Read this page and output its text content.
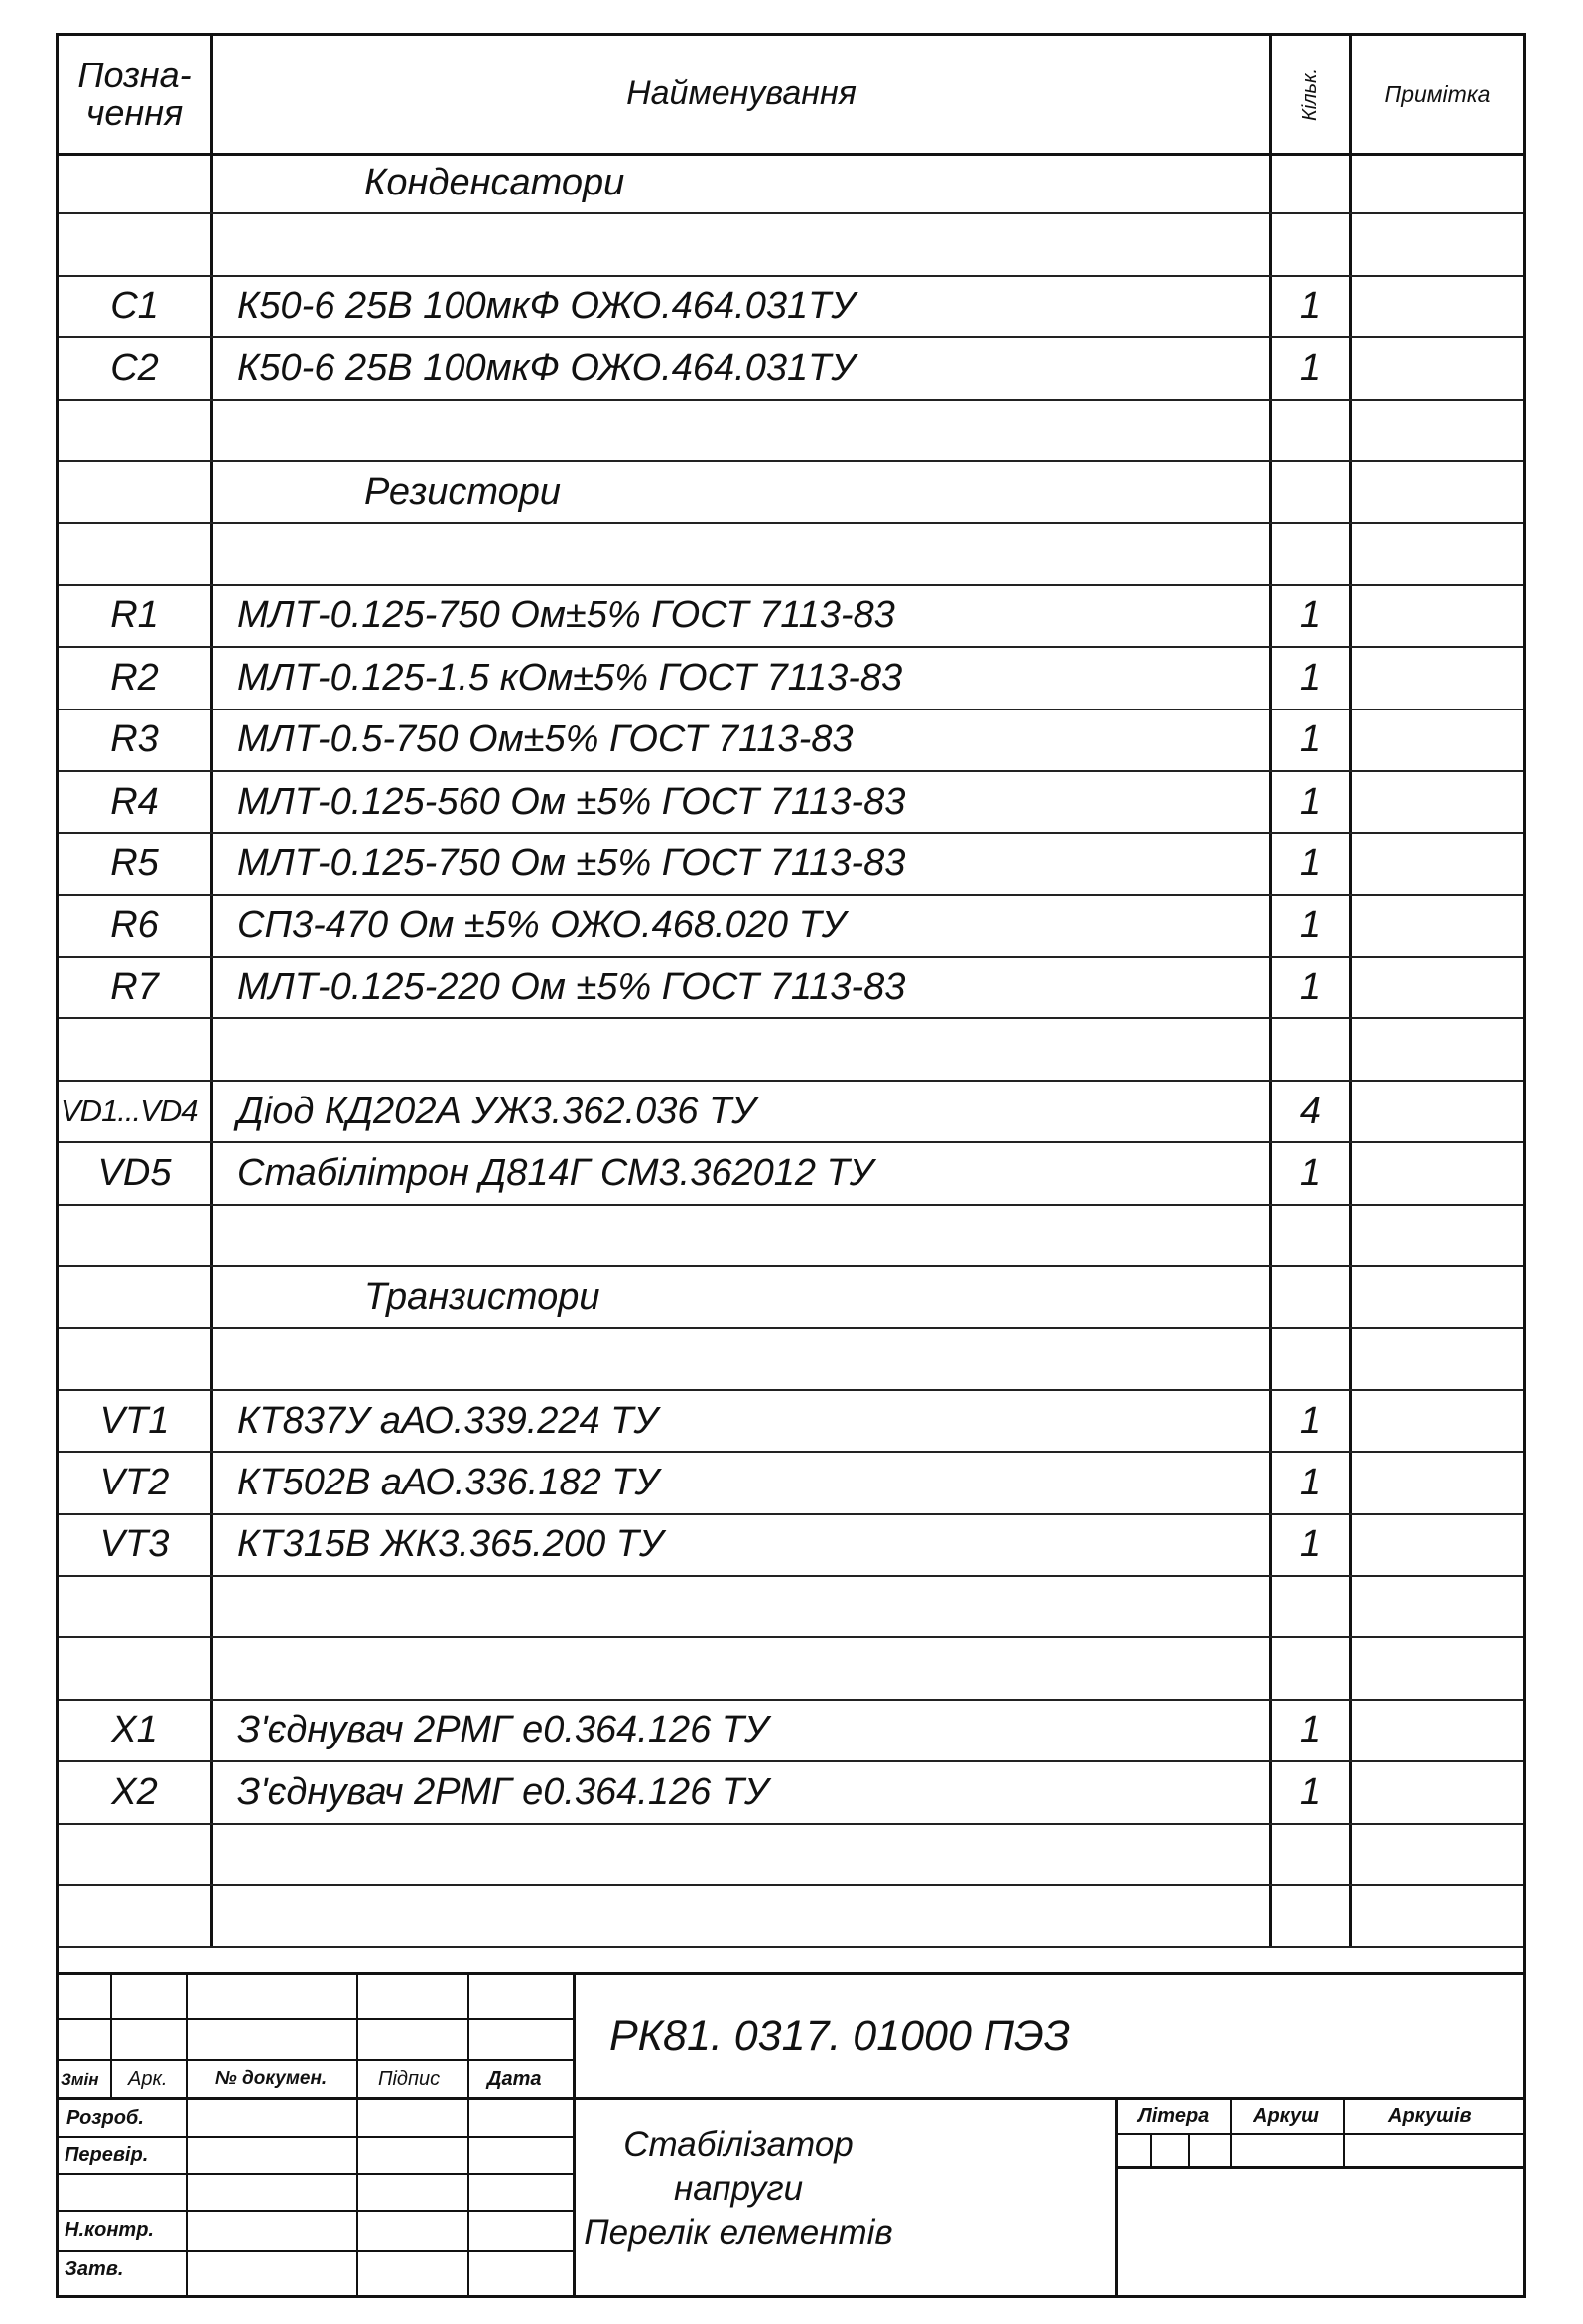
Позна-
чення	Найменування	Кільк.	Примітка
Конденсатори
C1	К50-6 25В 100мкФ ОЖО.464.031ТУ	1
C2	К50-6 25В 100мкФ ОЖО.464.031ТУ	1
Резистори
R1	МЛТ-0.125-750 Ом±5% ГОСТ 7113-83	1
R2	МЛТ-0.125-1.5 кОм±5% ГОСТ 7113-83	1
R3	МЛТ-0.5-750 Ом±5% ГОСТ 7113-83	1
R4	МЛТ-0.125-560 Ом ±5% ГОСТ 7113-83	1
R5	МЛТ-0.125-750 Ом ±5% ГОСТ 7113-83	1
R6	СП3-470 Ом ±5% ОЖО.468.020 ТУ	1
R7	МЛТ-0.125-220 Ом ±5% ГОСТ 7113-83	1
VD1...VD4	Діод КД202А УЖ3.362.036 ТУ	4
VD5	Стабілітрон Д814Г СМ3.362012 ТУ	1
Транзистори
VT1	КТ837У аАО.339.224 ТУ	1
VT2	КТ502В аАО.336.182 ТУ	1
VT3	КТ315В ЖК3.365.200 ТУ	1
X1	З'єднувач 2РМГ е0.364.126 ТУ	1
X2	З'єднувач 2РМГ е0.364.126 ТУ	1
РК81. 0317. 01000 ПЭЗ
Змін Арк.	№ докумен.	Підпис Дата
Розроб.
Перевір.
Н.контр.
Затв.
Стабілізатор
напруги
Перелік елементів
Літера Аркуш	Аркушів
